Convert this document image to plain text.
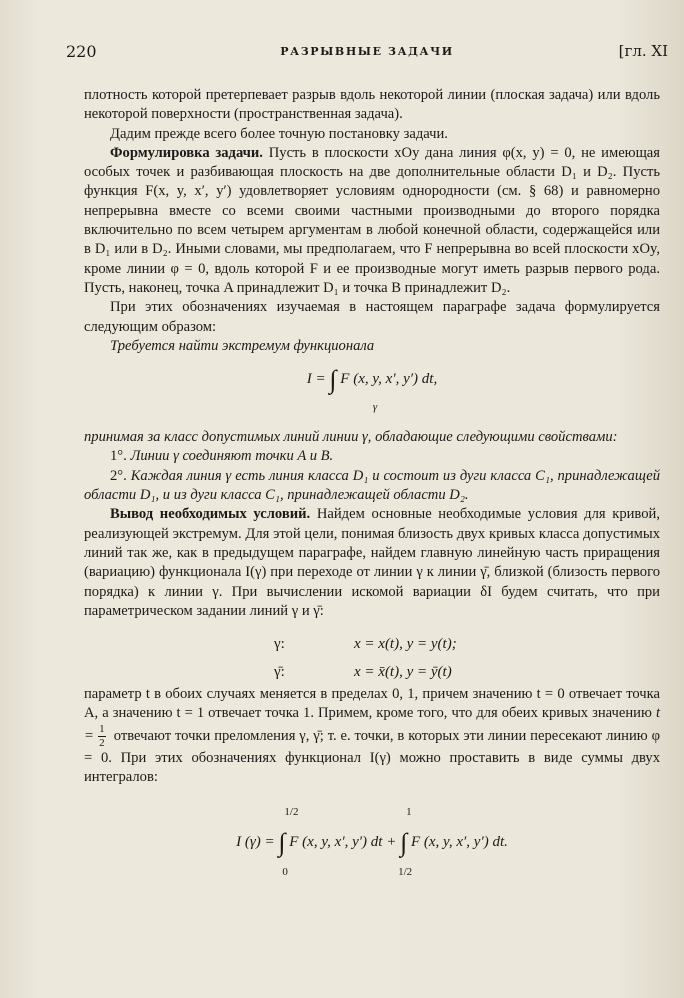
220	РАЗРЫВНЫЕ ЗАДАЧИ	[гл. XI

плотность которой претерпевает разрыв вдоль некоторой линии (плоская задача) или вдоль некоторой поверхности (пространственная задача).

Дадим прежде всего более точную постановку задачи.

Формулировка задачи. Пусть в плоскости xOy дана линия φ(x, y) = 0, не имеющая особых точек и разбивающая плоскость на две дополнительные области D₁ и D₂. Пусть функция F(x, y, x′, y′) удовлетворяет условиям однородности (см. § 68) и равномерно непрерывна вместе со всеми своими частными производными до второго порядка включительно по всем четырем аргументам в любой конечной области, содержащейся или в D₁ или в D₂. Иными словами, мы предполагаем, что F непрерывна во всей плоскости xOy, кроме линии φ = 0, вдоль которой F и ее производные могут иметь разрыв первого рода. Пусть, наконец, точка A принадлежит D₁ и точка B принадлежит D₂.

При этих обозначениях изучаемая в настоящем параграфе задача формулируется следующим образом:

Требуется найти экстремум функционала

I = ∫ F (x, y, x′, y′) dt,
γ

принимая за класс допустимых линий линии γ, обладающие следующими свойствами:

1°. Линии γ соединяют точки A и B.

2°. Каждая линия γ есть линия класса D₁ и состоит из дуги класса C₁, принадлежащей области D₁, и из дуги класса C₁, принадлежащей области D₂.

Вывод необходимых условий. Найдем основные необходимые условия для кривой, реализующей экстремум. Для этой цели, понимая близость двух кривых класса допустимых линий так же, как в предыдущем параграфе, найдем главную линейную часть приращения (вариацию) функционала I(γ) при переходе от линии γ к линии γ̄, близкой (близость первого порядка) к линии γ. При вычислении искомой вариации δI будем считать, что при параметрическом задании линий γ и γ̄:

γ:	x = x(t), y = y(t);
γ̄:	x = x̄(t), y = ȳ(t)

параметр t в обоих случаях меняется в пределах 0, 1, причем значению t = 0 отвечает точка A, а значению t = 1 отвечает точка 1. Примем, кроме того, что для обеих кривых значению $t = \frac{1}{2}$ отвечают точки преломления γ, γ̄; т. е. точки, в которых эти линии пересекают линию φ = 0. При этих обозначениях функционал I(γ) можно проставить в виде суммы двух интегралов:

I (γ) = ∫
1/2
0
F (x, y, x′, y′) dt + ∫
1
1/2
F (x, y, x′, y′) dt.
